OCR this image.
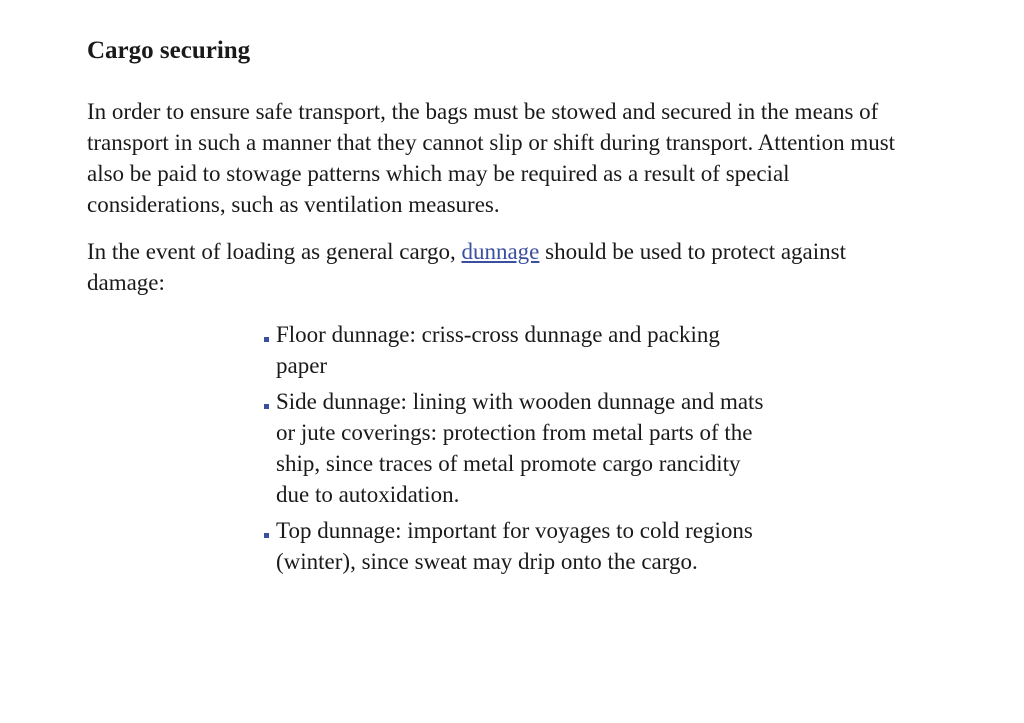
Cargo securing

In order to ensure safe transport, the bags must be stowed and secured in the means of transport in such a manner that they cannot slip or shift during transport. Attention must also be paid to stowage patterns which may be required as a result of special considerations, such as ventilation measures.

In the event of loading as general cargo, dunnage should be used to protect against damage:

Floor dunnage: criss-cross dunnage and packing paper
Side dunnage: lining with wooden dunnage and mats or jute coverings: protection from metal parts of the ship, since traces of metal promote cargo rancidity due to autoxidation.
Top dunnage: important for voyages to cold regions (winter), since sweat may drip onto the cargo.
